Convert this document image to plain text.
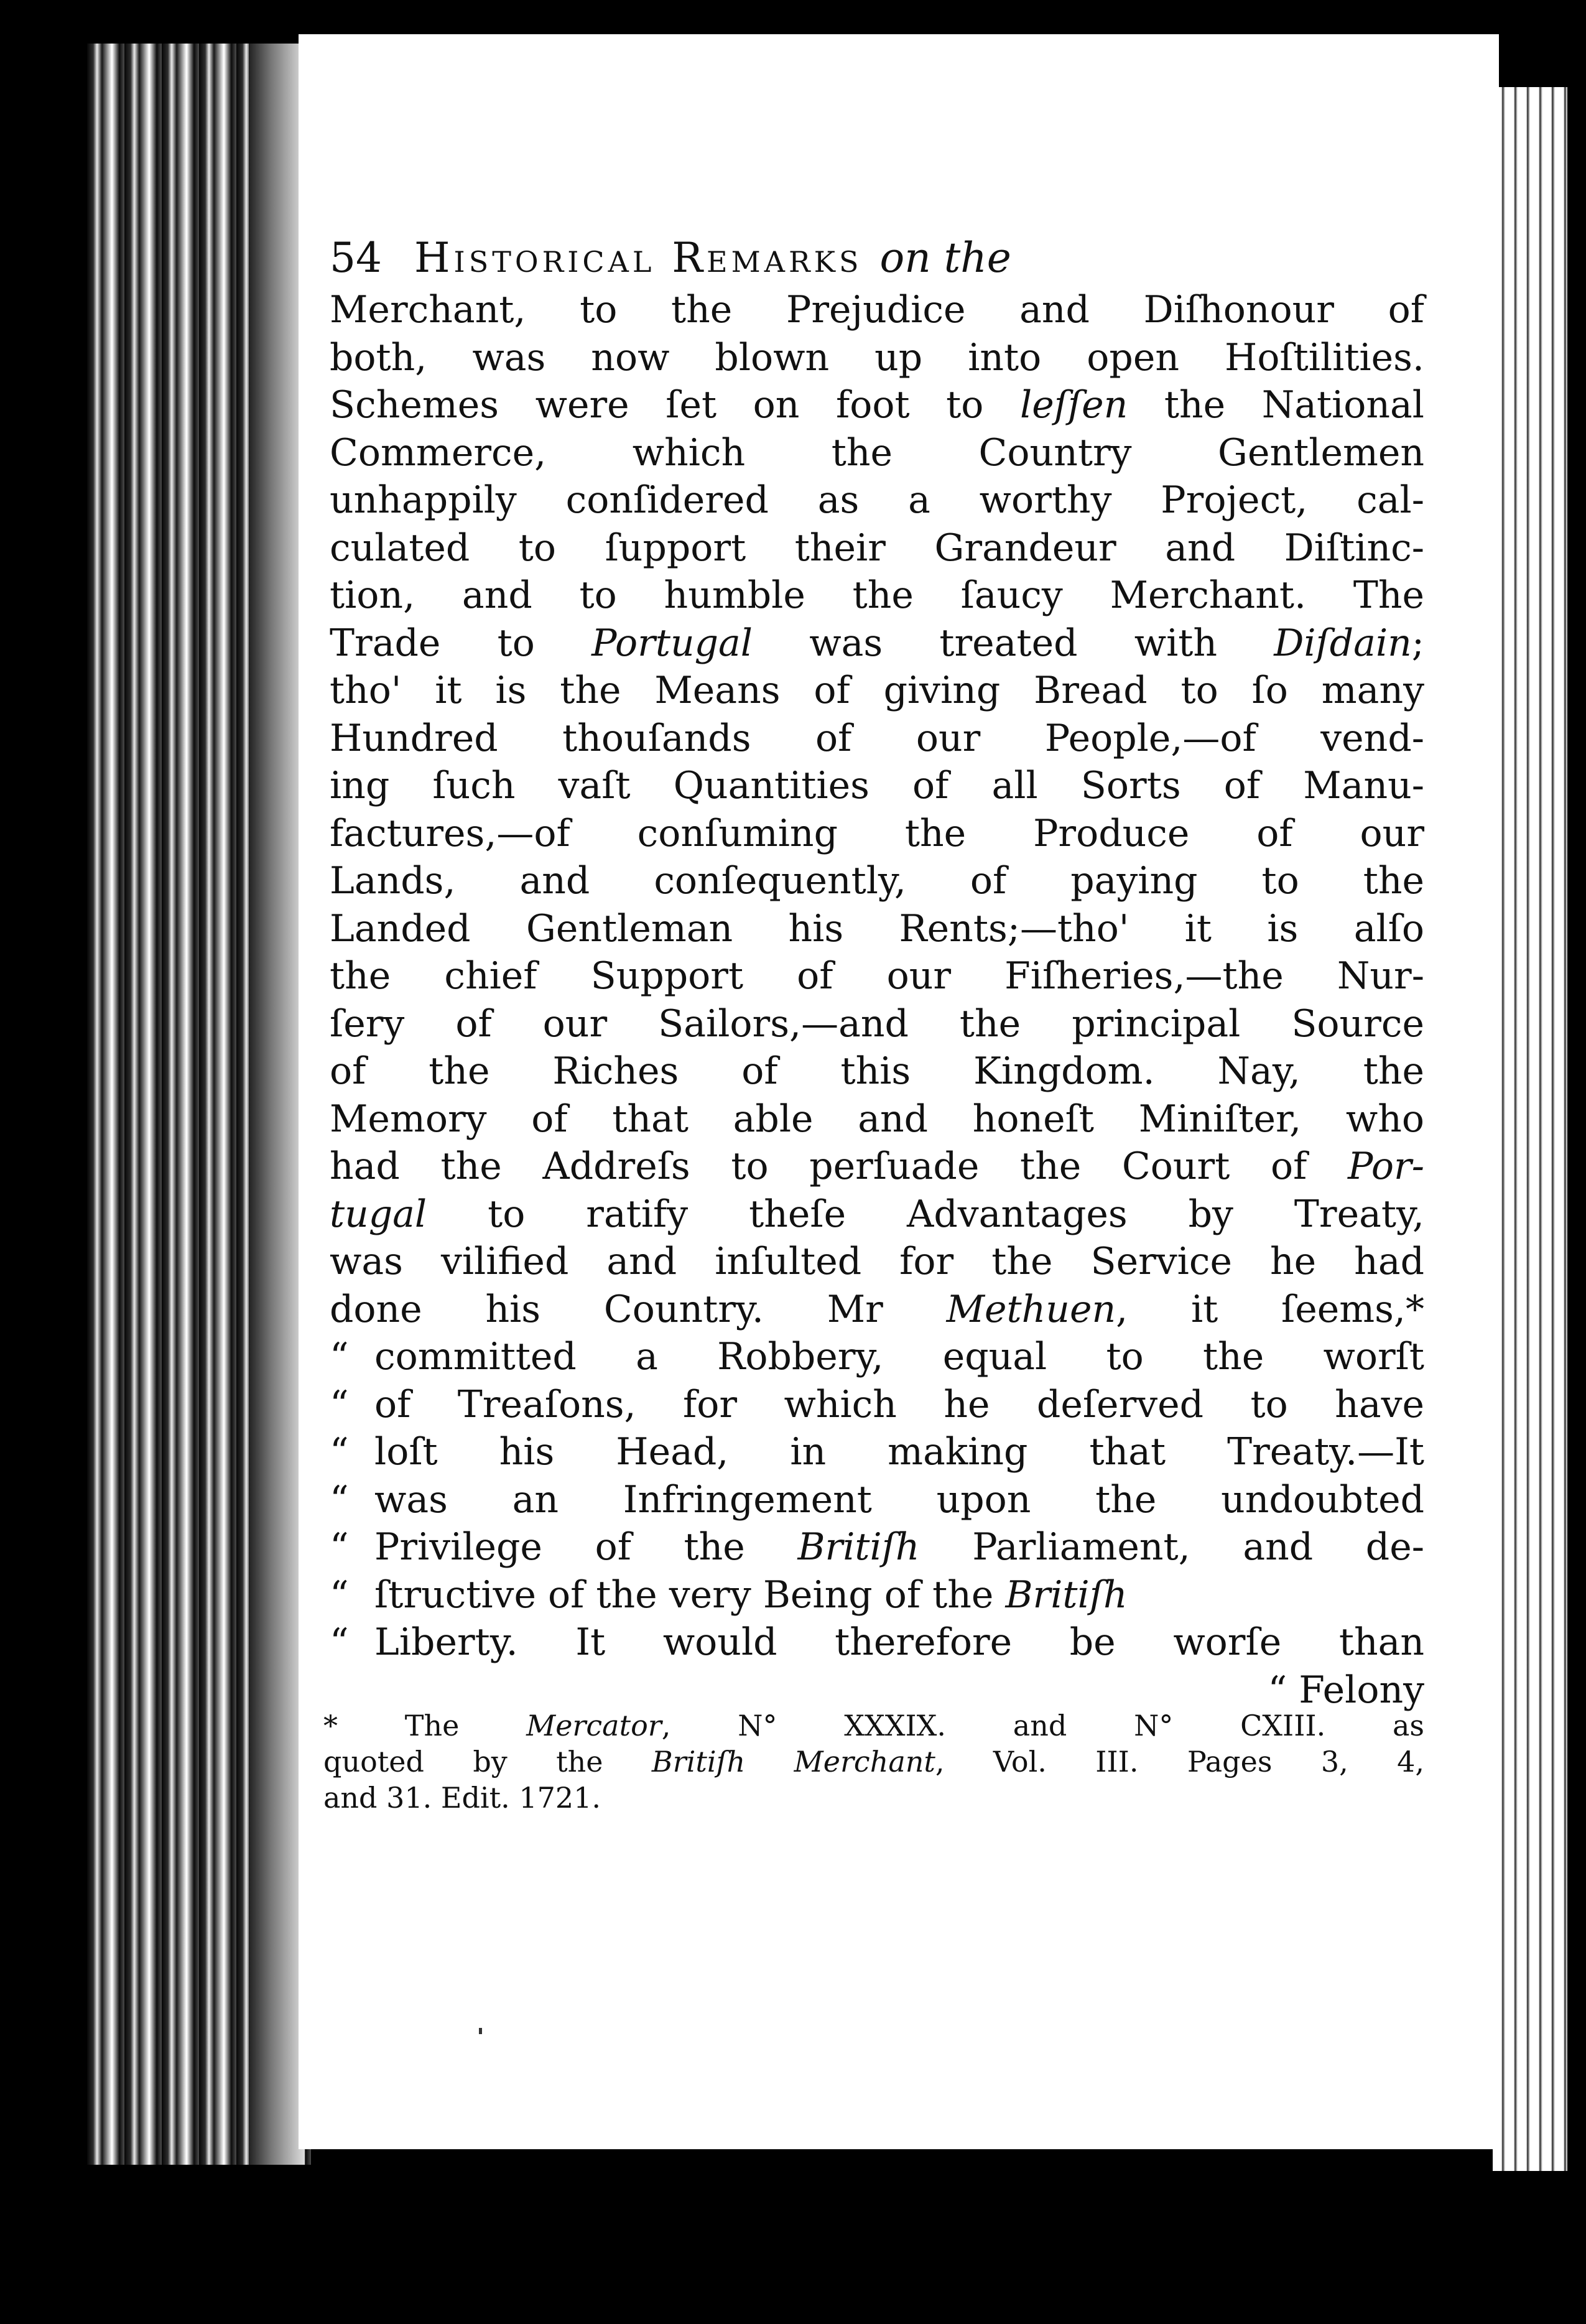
54 Historical Remarks on the
Merchant, to the Prejudice and Diſhonour of
both, was now blown up into open Hoſtilities.
Schemes were ſet on foot to leſſen the National
Commerce, which the Country Gentlemen
unhappily conſidered as a worthy Project, cal-
culated to ſupport their Grandeur and Diſtinc-
tion, and to humble the ſaucy Merchant. The
Trade to Portugal was treated with Diſdain;
tho' it is the Means of giving Bread to ſo many
Hundred thouſands of our People,—of vend-
ing ſuch vaſt Quantities of all Sorts of Manu-
factures,—of conſuming the Produce of our
Lands, and conſequently, of paying to the
Landed Gentleman his Rents;—tho' it is alſo
the chief Support of our Fiſheries,—the Nur-
ſery of our Sailors,—and the principal Source
of the Riches of this Kingdom. Nay, the
Memory of that able and honeſt Miniſter, who
had the Addreſs to perſuade the Court of Por-
tugal to ratify theſe Advantages by Treaty,
was vilified and inſulted for the Service he had
done his Country. Mr Methuen, it ſeems,*
“ committed a Robbery, equal to the worſt
“ of Treaſons, for which he deſerved to have
“ loſt his Head, in making that Treaty.—It
“ was an Infringement upon the undoubted
“ Privilege of the Britiſh Parliament, and de-
“ ſtructive of the very Being of the Britiſh
“ Liberty. It would therefore be worſe than
“ Felony
* The Mercator, N° XXXIX. and N° CXIII. as
quoted by the Britiſh Merchant, Vol. III. Pages 3, 4,
and 31. Edit. 1721.
